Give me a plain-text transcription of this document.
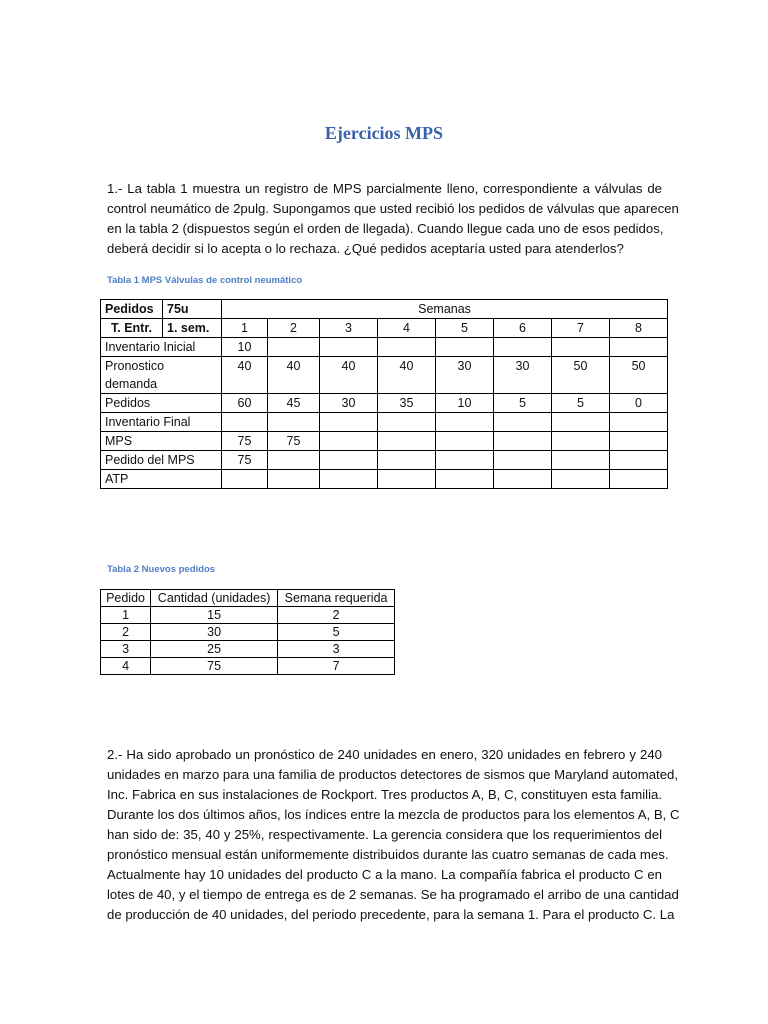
Ejercicios MPS
1.- La tabla 1 muestra un registro de MPS parcialmente lleno, correspondiente a válvulas de
control neumático de 2pulg. Supongamos que usted recibió los pedidos de válvulas que aparecen
en la tabla 2 (dispuestos según el orden de llegada). Cuando llegue cada uno de esos pedidos,
deberá decidir si lo acepta o lo rechaza. ¿Qué pedidos aceptaría usted para atenderlos?
Tabla 1 MPS Válvulas de control neumático
Pedidos	75u	Semanas							
T. Entr.	1. sem.	1	2	3	4	5	6	7	8
Inventario Inicial		10							
Pronostico demanda		40	40	40	40	30	30	50	50
Pedidos		60	45	30	35	10	5	5	0
Inventario Final									
MPS		75	75						
Pedido del MPS		75							
ATP									
Tabla 2 Nuevos pedidos
Pedido	Cantidad (unidades)	Semana requerida
1	15	2
2	30	5
3	25	3
4	75	7
2.- Ha sido aprobado un pronóstico de 240 unidades en enero, 320 unidades en febrero y 240
unidades en marzo para una familia de productos detectores de sismos que Maryland automated,
Inc. Fabrica en sus instalaciones de Rockport. Tres productos A, B, C, constituyen esta familia.
Durante los dos últimos años, los índices entre la mezcla de productos para los elementos A, B, C
han sido de: 35, 40 y 25%, respectivamente. La gerencia considera que los requerimientos del
pronóstico mensual están uniformemente distribuidos durante las cuatro semanas de cada mes.
Actualmente hay 10 unidades del producto C a la mano. La compañía fabrica el producto C en
lotes de 40, y el tiempo de entrega es de 2 semanas. Se ha programado el arribo de una cantidad
de producción de 40 unidades, del periodo precedente, para la semana 1. Para el producto C. La
